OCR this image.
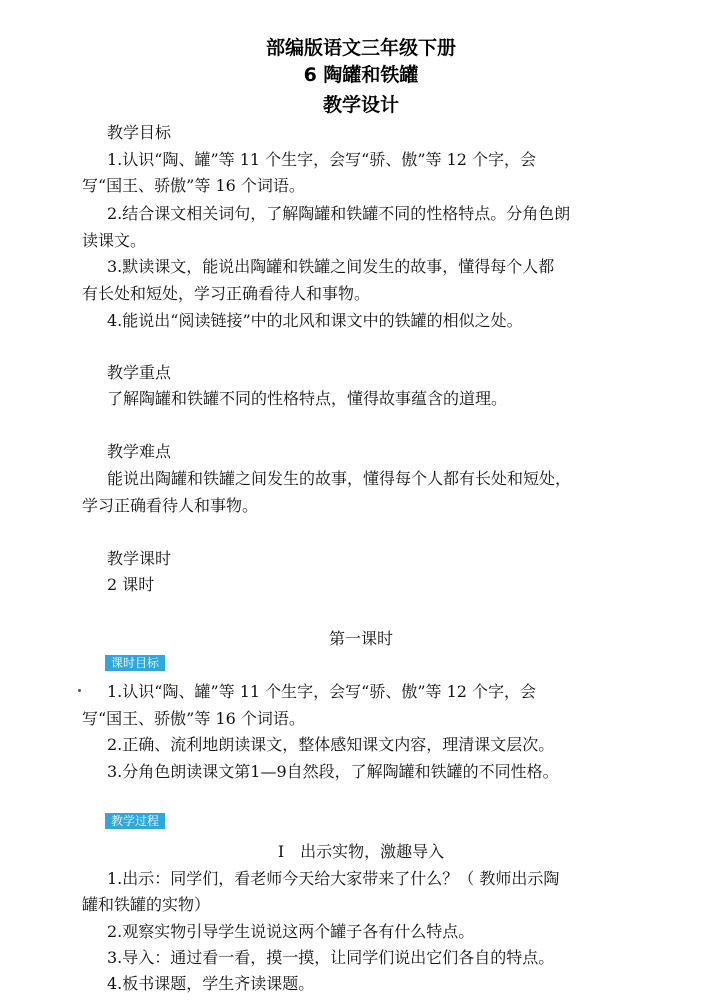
部编版语文三年级下册
6 陶罐和铁罐
教学设计
教学目标
1.认识“陶、罐”等 11 个生字，会写“骄、傲”等 12 个字，会
写“国王、骄傲”等 16 个词语。
2.结合课文相关词句，了解陶罐和铁罐不同的性格特点。分角色朗
读课文。
3.默读课文，能说出陶罐和铁罐之间发生的故事，懂得每个人都
有长处和短处，学习正确看待人和事物。
4.能说出“阅读链接”中的北风和课文中的铁罐的相似之处。
教学重点
了解陶罐和铁罐不同的性格特点，懂得故事蕴含的道理。
教学难点
能说出陶罐和铁罐之间发生的故事，懂得每个人都有长处和短处，
学习正确看待人和事物。
教学课时
2 课时
第一课时
课时目标
1.认识“陶、罐”等 11 个生字，会写“骄、傲”等 12 个字，会
写“国王、骄傲”等 16 个词语。
2.正确、流利地朗读课文，整体感知课文内容，理清课文层次。
3.分角色朗读课文第1—9自然段，了解陶罐和铁罐的不同性格。
教学过程
Ⅰ 出示实物，激趣导入
1.出示：同学们，看老师今天给大家带来了什么？（ 教师出示陶
罐和铁罐的实物）
2.观察实物引导学生说说这两个罐子各有什么特点。
3.导入：通过看一看，摸一摸，让同学们说出它们各自的特点。
4.板书课题，学生齐读课题。
